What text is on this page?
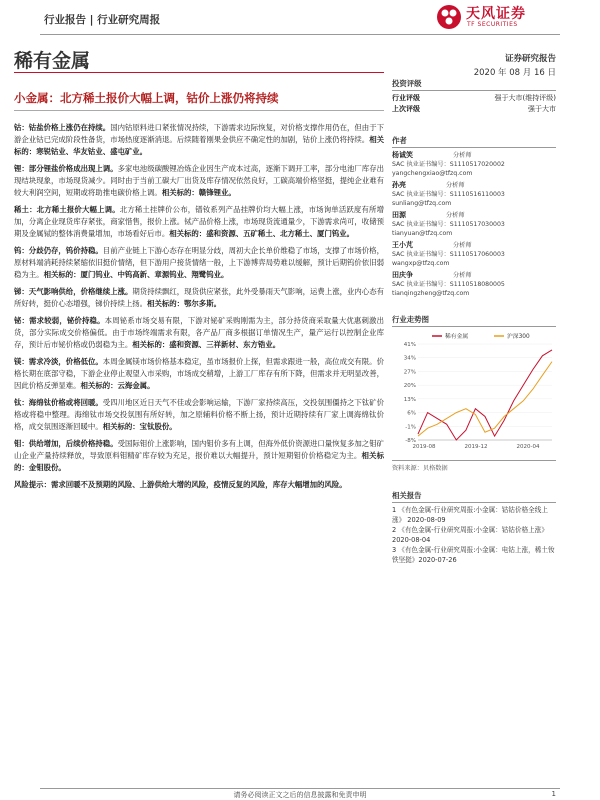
行业报告 | 行业研究周报	天风证券
TF SECURITIES
稀有金属	证券研究报告
2020 年 08 月 16 日
小金属：北方稀土报价大幅上调，钴价上涨仍将持续

钴：钴盐价格上涨仍在持续。国内钴原料进口紧张情况持续，下游需求边际恢复，对价格支撑作用仍在，但由于下游企业钴已完成阶段性备货，市场热度逐渐消退。后续随着刚果金供应不确定性的加剧，钴价上涨仍将持续。相关标的：寒锐钴业、华友钴业、盛屯矿业。

锂：部分锂盐价格成出现上调。多家电池级碳酸锂冶炼企业因生产成本过高，逐渐下调开工率，部分电池厂库存出现结块现象，市场现货减少。同时由于当前工碳大厂出货及库存情况依然良好，工碳高端价格坚挺，提纯企业难有较大利润空间，短期或将助推电碳价格上调。相关标的：赣锋锂业。

稀土：北方稀土报价大幅上调。北方稀土挂牌价公布，镨钕系列产品挂牌价均大幅上涨，市场询单活跃度有所增加，分离企业现货库存紧张，商家惜售，报价上涨。铽产品价格上涨，市场现货流通量少，下游需求尚可，收储预期及金属铽的整体消费量增加，市场看好后市。相关标的：盛和资源、五矿稀土、北方稀土、厦门钨业。

钨：分歧仍存，钨价持稳。目前产业链上下游心态存在明显分歧，周初大企长单价维稳了市场，支撑了市场价格，原材料端消耗持续紧缩依旧挺价情绪，但下游用户接货情绪一般，上下游博弈局势难以缓解，预计后期钨价依旧弱稳为主。相关标的：厦门钨业、中钨高新、章源钨业、翔鹭钨业。

锑：天气影响供给，价格继续上涨。期货持续飘红，现货供应紧张，此外受暴雨天气影响，运费上涨，业内心态有所好转，挺价心态增强，锑价持续上扬。相关标的：鄂尔多斯。

铋：需求较弱，铋价持稳。本周铋系市场交易有限，下游对铋矿采购刚需为主，部分持货商采取量大优惠刺激出货，部分实际成交价格偏低。由于市场终端需求有限，各产品厂商多根据订单情况生产，量产运行以控制企业库存，预计后市铋价格或仍弱稳为主。相关标的：盛和资源、三祥新材、东方锆业。

镁：需求冷淡，价格低位。本周金属镁市场价格基本稳定，虽市场报价上探，但需求跟进一般，高位成交有限。价格长期在底部守稳，下游企业停止观望入市采购，市场成交稍增，上游工厂库存有所下降，但需求并无明显改善，因此价格反弹显难。相关标的：云海金属。

钛：海绵钛价格或将回暖。受四川地区近日天气不佳或会影响运输，下游厂家持续高压，交投氛围僵持之下钛矿价格或将稳中整理。海绵钛市场交投氛围有所好转，加之原辅料价格不断上扬，预计近期持续有厂家上调海绵钛价格，成交氛围逐渐回暖中。相关标的：宝钛股份。

钼：供给增加，后续价格持稳。受国际钼价上涨影响，国内钼价多有上调，但海外低价资源进口量恢复多加之钼矿山企业产量持续释放，导致原料钼精矿库存较为充足，报价难以大幅提升，预计短期钼价价格稳定为主。相关标的：金钼股份。

风险提示：需求回暖不及预期的风险、上游供给大增的风险，疫情反复的风险，库存大幅增加的风险。

投资评级
行业评级	强于大市(维持评级)
上次评级	强于大市
作者
杨诚笑	分析师
SAC 执业证书编号：S1110517020002
yangchengxiao@tfzq.com
孙亮	分析师
SAC 执业证书编号：S1110516110003
sunliang@tfzq.com
田源	分析师
SAC 执业证书编号：S1110517030003
tianyuan@tfzq.com
王小芃	分析师
SAC 执业证书编号：S1110517060003
wangxp@tfzq.com
田庆争	分析师
SAC 执业证书编号：S1110518080005
tianqingzheng@tfzq.com
行业走势图
41%
34%
27%
20%
13%
6%
-1%
-8%
2019-08	2019-12	2020-04
稀有金属	沪深300
资料来源：贝格数据
相关报告
1 《有色金属-行业研究周报:小金属：钴钴价格全线上涨》 2020-08-09
2 《有色金属-行业研究周报:小金属：钴钴价格上涨》 2020-08-04
3 《有色金属-行业研究周报:小金属：电钴上涨，稀土钕铁坚挺》2020-07-26
请务必阅读正文之后的信息披露和免责申明	1
